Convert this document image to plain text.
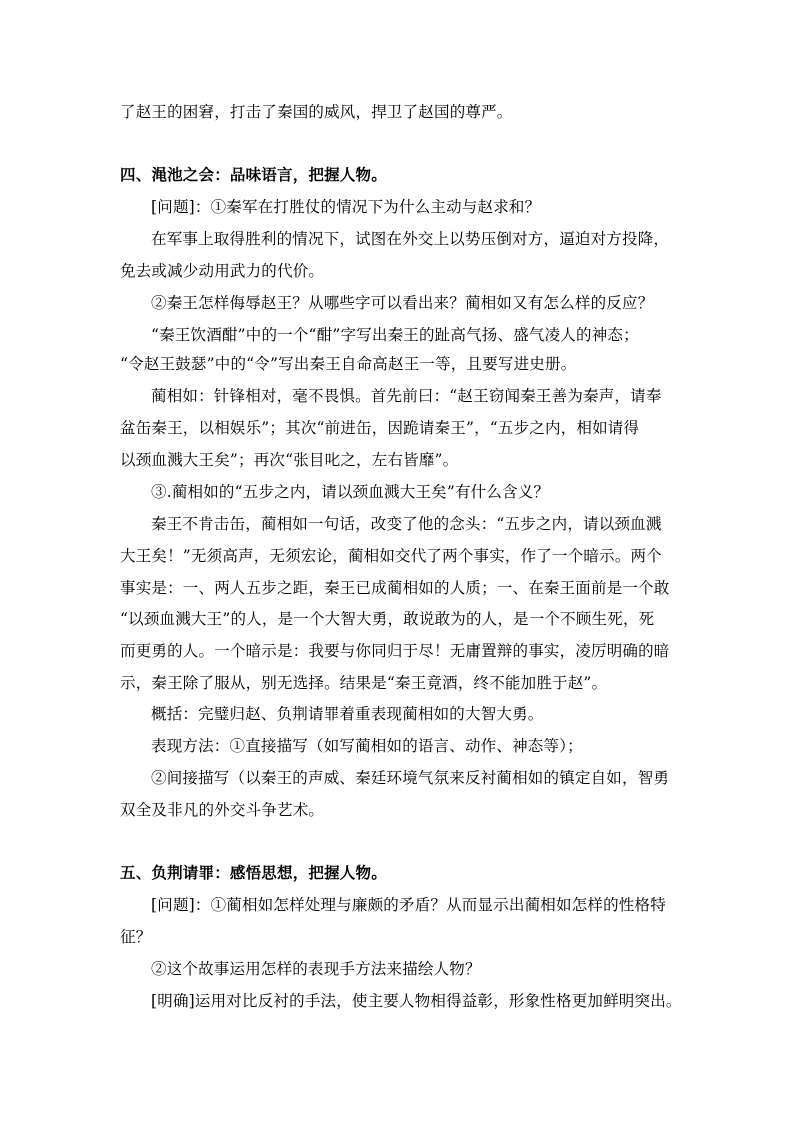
了赵王的困窘，打击了秦国的威风，捍卫了赵国的尊严。
四、渑池之会：品味语言，把握人物。
[问题]：①秦军在打胜仗的情况下为什么主动与赵求和？
在军事上取得胜利的情况下，试图在外交上以势压倒对方，逼迫对方投降，
免去或减少动用武力的代价。
②秦王怎样侮辱赵王？从哪些字可以看出来？蔺相如又有怎么样的反应？
“秦王饮酒酣”中的一个“酣”字写出秦王的趾高气扬、盛气凌人的神态；
“令赵王鼓瑟”中的“令”写出秦王自命高赵王一等，且要写进史册。
蔺相如：针锋相对，毫不畏惧。首先前曰：“赵王窃闻秦王善为秦声，请奉
盆缶秦王，以相娱乐”；其次“前进缶，因跪请秦王”，“五步之内，相如请得
以颈血溅大王矣”；再次“张目叱之，左右皆靡”。
③.蔺相如的“五步之内，请以颈血溅大王矣”有什么含义？
秦王不肯击缶，蔺相如一句话，改变了他的念头：“五步之内，请以颈血溅
大王矣！”无须高声，无须宏论，蔺相如交代了两个事实，作了一个暗示。两个
事实是：一、两人五步之距，秦王已成蔺相如的人质；一、在秦王面前是一个敢
“以颈血溅大王”的人，是一个大智大勇，敢说敢为的人，是一个不顾生死，死
而更勇的人。一个暗示是：我要与你同归于尽！无庸置辩的事实，凌厉明确的暗
示，秦王除了服从，别无选择。结果是“秦王竟酒，终不能加胜于赵”。
概括：完璧归赵、负荆请罪着重表现蔺相如的大智大勇。
表现方法：①直接描写（如写蔺相如的语言、动作、神态等）；
②间接描写（以秦王的声威、秦廷环境气氛来反衬蔺相如的镇定自如，智勇
双全及非凡的外交斗争艺术。
五、负荆请罪：感悟思想，把握人物。
[问题]：①蔺相如怎样处理与廉颇的矛盾？从而显示出蔺相如怎样的性格特
征？
②这个故事运用怎样的表现手方法来描绘人物？
[明确]运用对比反衬的手法，使主要人物相得益彰，形象性格更加鲜明突出。
